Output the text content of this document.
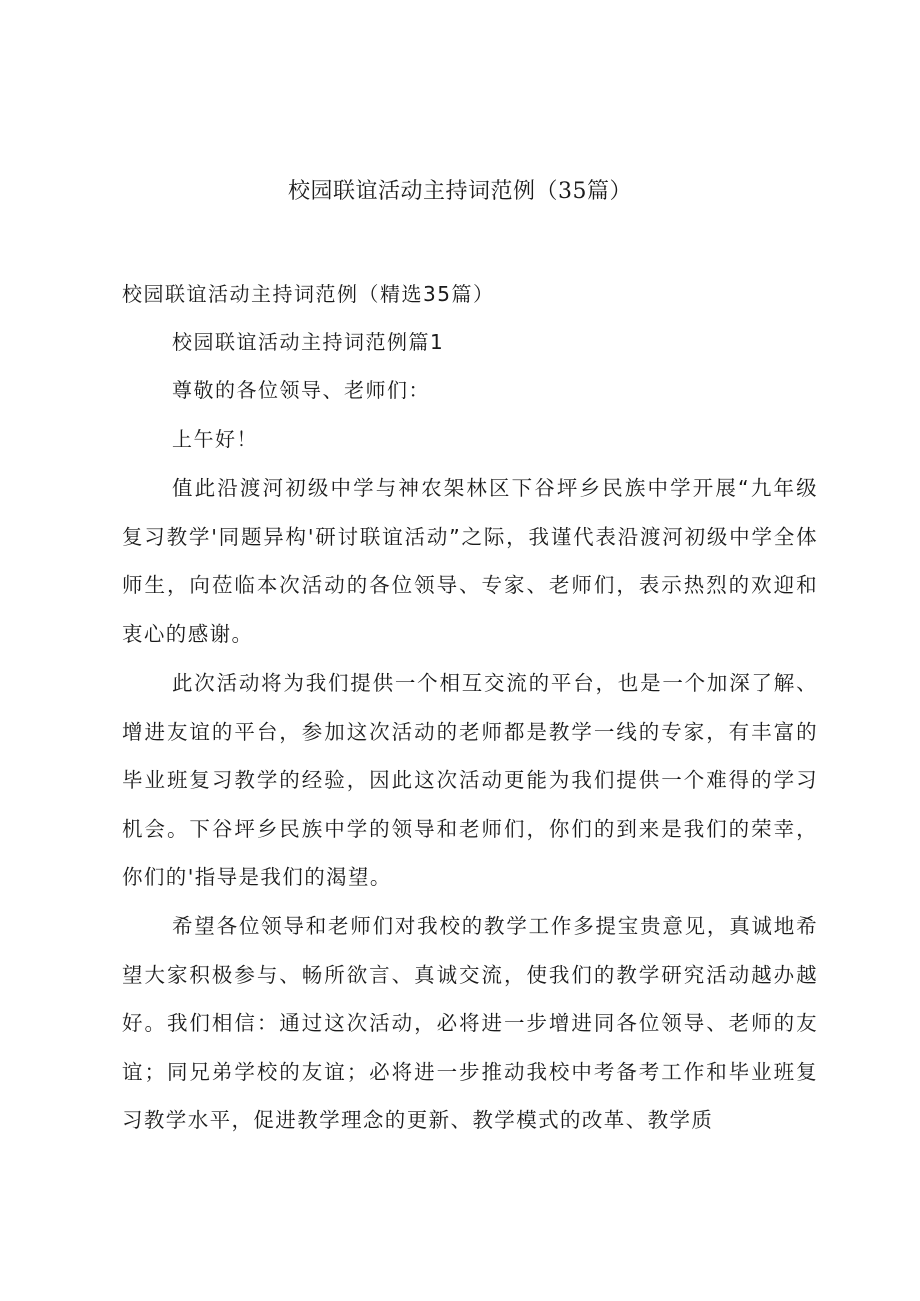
校园联谊活动主持词范例（35篇）
校园联谊活动主持词范例（精选35篇）
校园联谊活动主持词范例篇1
尊敬的各位领导、老师们：
上午好！

值此沿渡河初级中学与神农架林区下谷坪乡民族中学开展“九年级复习教学'同题异构'研讨联谊活动”之际，我谨代表沿渡河初级中学全体师生，向莅临本次活动的各位领导、专家、老师们，表示热烈的欢迎和衷心的感谢。

此次活动将为我们提供一个相互交流的平台，也是一个加深了解、增进友谊的平台，参加这次活动的老师都是教学一线的专家，有丰富的毕业班复习教学的经验，因此这次活动更能为我们提供一个难得的学习机会。下谷坪乡民族中学的领导和老师们，你们的到来是我们的荣幸，你们的'指导是我们的渴望。

希望各位领导和老师们对我校的教学工作多提宝贵意见，真诚地希望大家积极参与、畅所欲言、真诚交流，使我们的教学研究活动越办越好。我们相信：通过这次活动，必将进一步增进同各位领导、老师的友谊；同兄弟学校的友谊；必将进一步推动我校中考备考工作和毕业班复习教学水平，促进教学理念的更新、教学模式的改革、教学质
